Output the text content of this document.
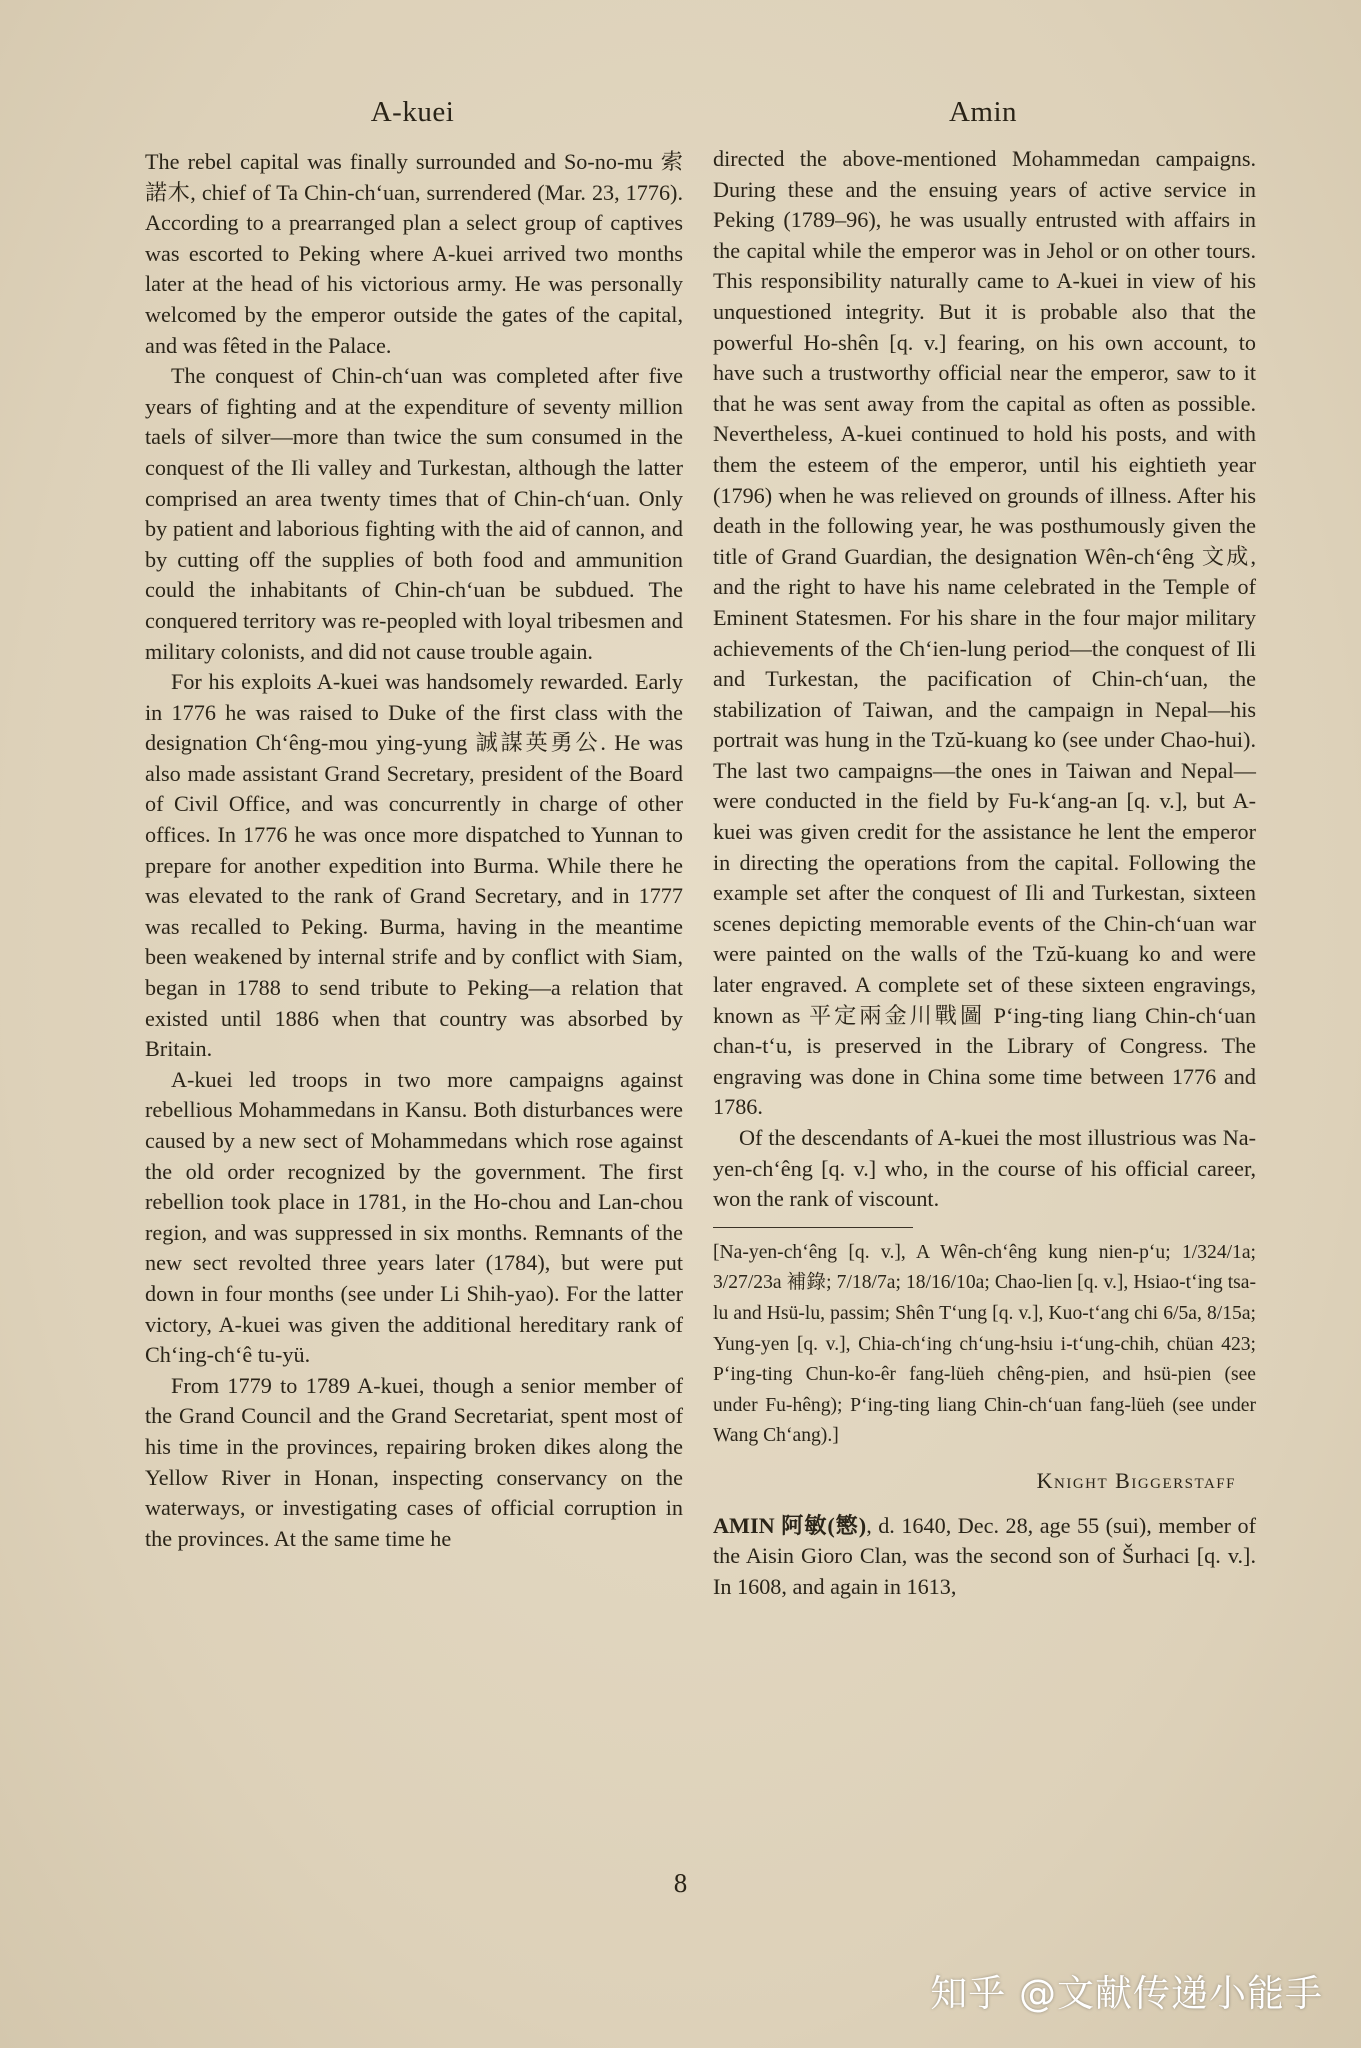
A-kuei	Amin

The rebel capital was finally surrounded and So-no-mu 索諾木, chief of Ta Chin-ch‘uan, surrendered (Mar. 23, 1776). According to a prearranged plan a select group of captives was escorted to Peking where A-kuei arrived two months later at the head of his victorious army. He was personally welcomed by the emperor outside the gates of the capital, and was fêted in the Palace.

The conquest of Chin-ch‘uan was completed after five years of fighting and at the expenditure of seventy million taels of silver—more than twice the sum consumed in the conquest of the Ili valley and Turkestan, although the latter comprised an area twenty times that of Chin-ch‘uan. Only by patient and laborious fighting with the aid of cannon, and by cutting off the supplies of both food and ammunition could the inhabitants of Chin-ch‘uan be subdued. The conquered territory was re-peopled with loyal tribesmen and military colonists, and did not cause trouble again.

For his exploits A-kuei was handsomely rewarded. Early in 1776 he was raised to Duke of the first class with the designation Ch‘êng-mou ying-yung 誠謀英勇公. He was also made assistant Grand Secretary, president of the Board of Civil Office, and was concurrently in charge of other offices. In 1776 he was once more dispatched to Yunnan to prepare for another expedition into Burma. While there he was elevated to the rank of Grand Secretary, and in 1777 was recalled to Peking. Burma, having in the meantime been weakened by internal strife and by conflict with Siam, began in 1788 to send tribute to Peking—a relation that existed until 1886 when that country was absorbed by Britain.

A-kuei led troops in two more campaigns against rebellious Mohammedans in Kansu. Both disturbances were caused by a new sect of Mohammedans which rose against the old order recognized by the government. The first rebellion took place in 1781, in the Ho-chou and Lan-chou region, and was suppressed in six months. Remnants of the new sect revolted three years later (1784), but were put down in four months (see under Li Shih-yao). For the latter victory, A-kuei was given the additional hereditary rank of Ch‘ing-ch‘ê tu-yü.

From 1779 to 1789 A-kuei, though a senior member of the Grand Council and the Grand Secretariat, spent most of his time in the provinces, repairing broken dikes along the Yellow River in Honan, inspecting conservancy on the waterways, or investigating cases of official corruption in the provinces. At the same time he

directed the above-mentioned Mohammedan campaigns. During these and the ensuing years of active service in Peking (1789–96), he was usually entrusted with affairs in the capital while the emperor was in Jehol or on other tours. This responsibility naturally came to A-kuei in view of his unquestioned integrity. But it is probable also that the powerful Ho-shên [q. v.] fearing, on his own account, to have such a trustworthy official near the emperor, saw to it that he was sent away from the capital as often as possible. Nevertheless, A-kuei continued to hold his posts, and with them the esteem of the emperor, until his eightieth year (1796) when he was relieved on grounds of illness. After his death in the following year, he was posthumously given the title of Grand Guardian, the designation Wên-ch‘êng 文成, and the right to have his name celebrated in the Temple of Eminent Statesmen. For his share in the four major military achievements of the Ch‘ien-lung period—the conquest of Ili and Turkestan, the pacification of Chin-ch‘uan, the stabilization of Taiwan, and the campaign in Nepal—his portrait was hung in the Tzŭ-kuang ko (see under Chao-hui). The last two campaigns—the ones in Taiwan and Nepal—were conducted in the field by Fu-k‘ang-an [q. v.], but A-kuei was given credit for the assistance he lent the emperor in directing the operations from the capital. Following the example set after the conquest of Ili and Turkestan, sixteen scenes depicting memorable events of the Chin-ch‘uan war were painted on the walls of the Tzŭ-kuang ko and were later engraved. A complete set of these sixteen engravings, known as 平定兩金川戰圖 P‘ing-ting liang Chin-ch‘uan chan-t‘u, is preserved in the Library of Congress. The engraving was done in China some time between 1776 and 1786.

Of the descendants of A-kuei the most illustrious was Na-yen-ch‘êng [q. v.] who, in the course of his official career, won the rank of viscount.

[Na-yen-ch‘êng [q. v.], A Wên-ch‘êng kung nien-p‘u; 1/324/1a; 3/27/23a 補錄; 7/18/7a; 18/16/10a; Chao-lien [q. v.], Hsiao-t‘ing tsa-lu and Hsü-lu, passim; Shên T‘ung [q. v.], Kuo-t‘ang chi 6/5a, 8/15a; Yung-yen [q. v.], Chia-ch‘ing ch‘ung-hsiu i-t‘ung-chih, chüan 423; P‘ing-ting Chun-ko-êr fang-lüeh chêng-pien, and hsü-pien (see under Fu-hêng); P‘ing-ting liang Chin-ch‘uan fang-lüeh (see under Wang Ch‘ang).]

Knight Biggerstaff

AMIN 阿敏(慜), d. 1640, Dec. 28, age 55 (sui), member of the Aisin Gioro Clan, was the second son of Šurhaci [q. v.]. In 1608, and again in 1613,

8
知乎 @文献传递小能手
